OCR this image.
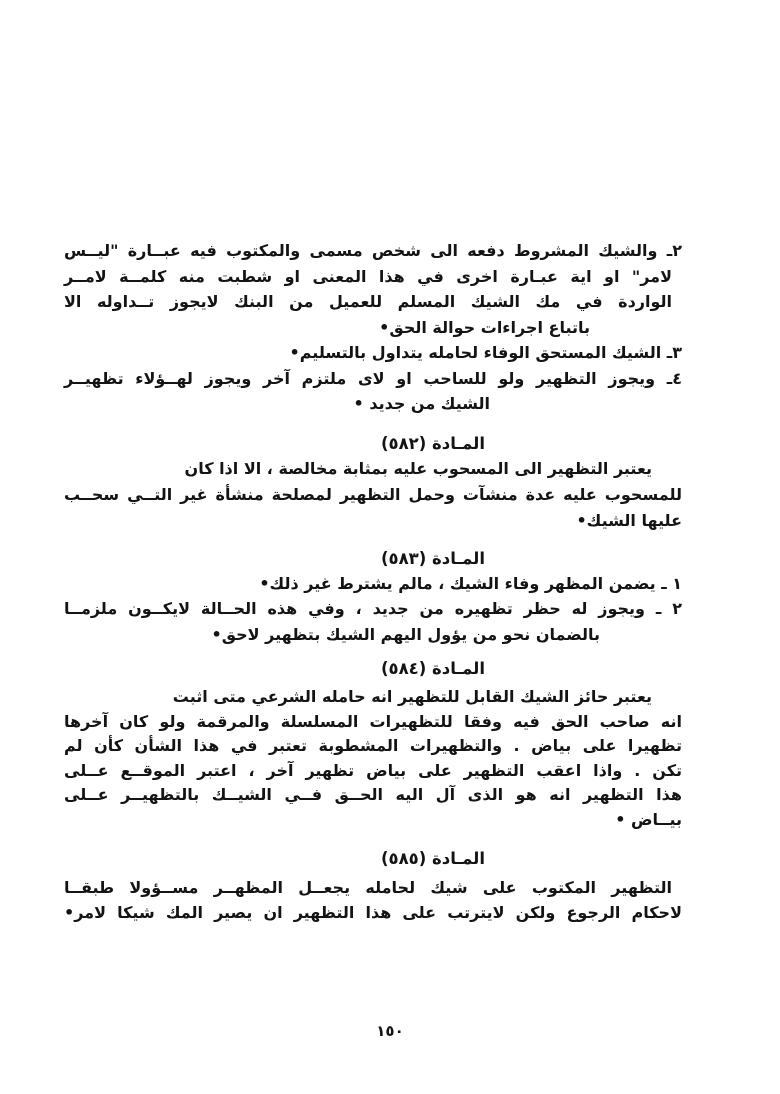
٢ـ والشيك المشروط دفعه الى شخص مسمى والمكتوب فيه عبــارة "ليــس
لامر" او اية عبـارة اخرى في هذا المعنى او شطبت منه كلمــة لامــر
الواردة في مك الشيك المسلم للعميل من البنك لايجوز تــداوله الا
باتباع اجراءات حوالة الحق•
٣ـ الشيك المستحق الوفاء لحامله يتداول بالتسليم•
٤ـ ويجوز التظهير ولو للساحب او لاى ملتزم آخر ويجوز لهــؤلاء تظهيــر
الشيك من جديد •
المـادة (٥٨٢)
يعتبر التظهير الى المسحوب عليه بمثابة مخالصة ، الا اذا كان
للمسحوب عليه عدة منشآت وحمل التظهير لمصلحة منشأة غير التــي سحــب
عليها الشيك•
المـادة (٥٨٣)
١ ـ يضمن المظهر وفاء الشيك ، مالم يشترط غير ذلك•
٢ ـ ويجوز له حظر تظهيره من جديد ، وفي هذه الحــالة لايكــون ملزمــا
بالضمان نحو من يؤول اليهم الشيك بتظهير لاحق•
المـادة (٥٨٤)
يعتبر حائز الشيك القابل للتظهير انه حامله الشرعي متى اثبت
انه صاحب الحق فيه وفقا للتظهيرات المسلسلة والمرقمة ولو كان آخرها
تظهيرا على بياض . والتظهيرات المشطوبة تعتبر في هذا الشأن كأن لم
تكن . واذا اعقب التظهير على بياض تظهير آخر ، اعتبر الموقــع عــلى
هذا التظهير انه هو الذى آل اليه الحــق فــي الشيــك بالتظهيــر عــلى
بيــاض •
المـادة (٥٨٥)
التظهير المكتوب على شيك لحامله يجعــل المظهــر مســؤولا طبقــا
لاحكام الرجوع ولكن لايترتب على هذا التظهير ان يصير المك شيكا لامر•
١٥٠
